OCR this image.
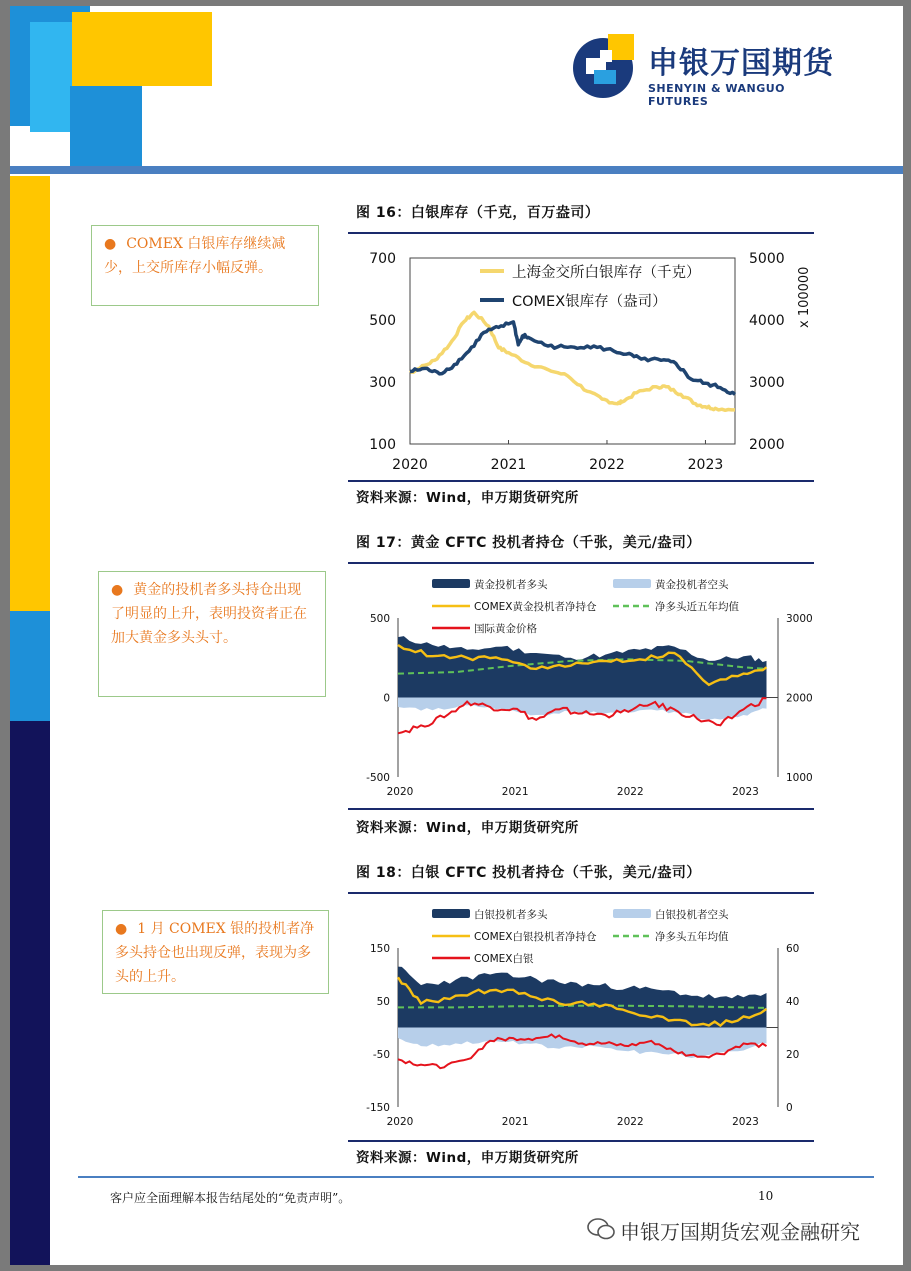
申银万国期货
SHENYIN & WANGUO FUTURES
● COMEX 白银库存继续减少，上交所库存小幅反弹。
● 黄金的投机者多头持仓出现了明显的上升，表明投资者正在加大黄金多头头寸。
● 1 月 COMEX 银的投机者净多头持仓也出现反弹，表现为多头的上升。
图 16：白银库存（千克，百万盎司）
700
500
300
100
5000
4000
3000
2000
x 100000
2020	2021	2022	2023
上海金交所白银库存（千克）
COMEX银库存（盎司）
资料来源：Wind，申万期货研究所
图 17：黄金 CFTC 投机者持仓（千张，美元/盎司）
500
0
-500
3000
2000
1000
2020	2021	2022	2023
黄金投机者多头	黄金投机者空头
COMEX黄金投机者净持仓	净多头近五年均值
国际黄金价格
资料来源：Wind，申万期货研究所
图 18：白银 CFTC 投机者持仓（千张，美元/盎司）
150
50
-50
-150
60
40
20
0
2020	2021	2022	2023
白银投机者多头	白银投机者空头
COMEX白银投机者净持仓	净多头五年均值
COMEX白银
资料来源：Wind，申万期货研究所
客户应全面理解本报告结尾处的“免责声明”。	10
申银万国期货宏观金融研究
